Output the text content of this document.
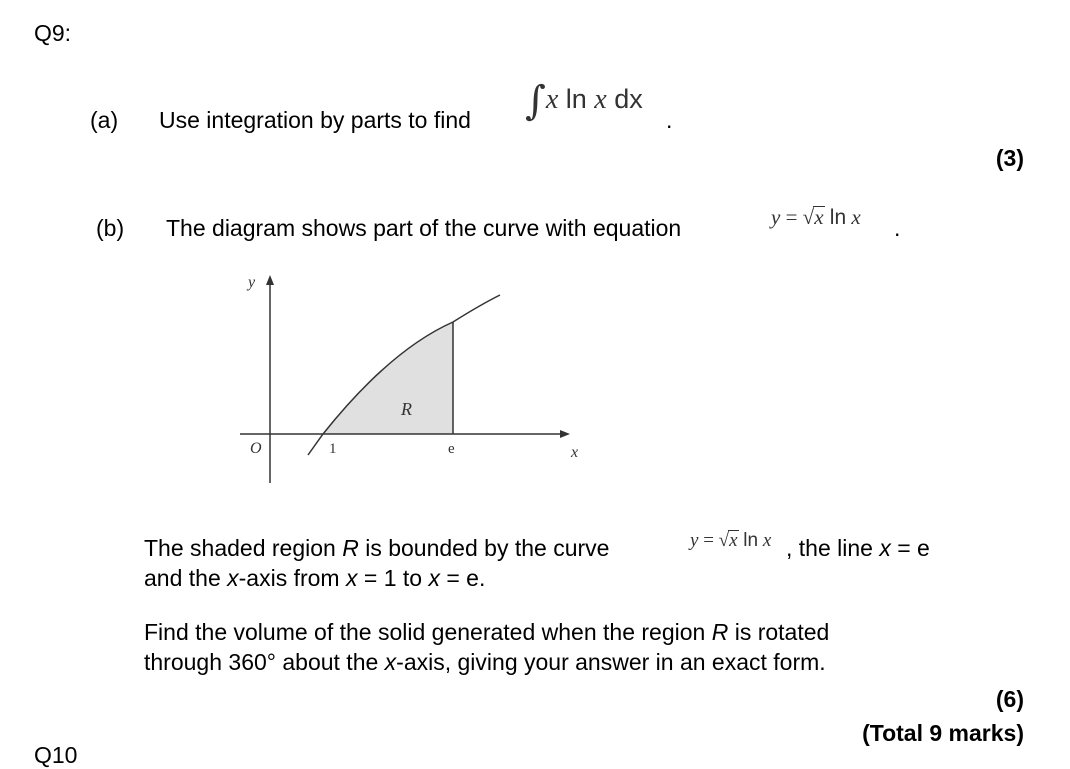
Q9:
(a) Use integration by parts to find ∫x ln x dx
.
(3)
(b) The diagram shows part of the curve with equation	y = √x ln x .
y
x
O	1	e
R
The shaded region R is bounded by the curve	y = √x ln x , the line x = e
and the x-axis from x = 1 to x = e.
Find the volume of the solid generated when the region R is rotated
through 360° about the x-axis, giving your answer in an exact form.
(6)
(Total 9 marks)
Q10
